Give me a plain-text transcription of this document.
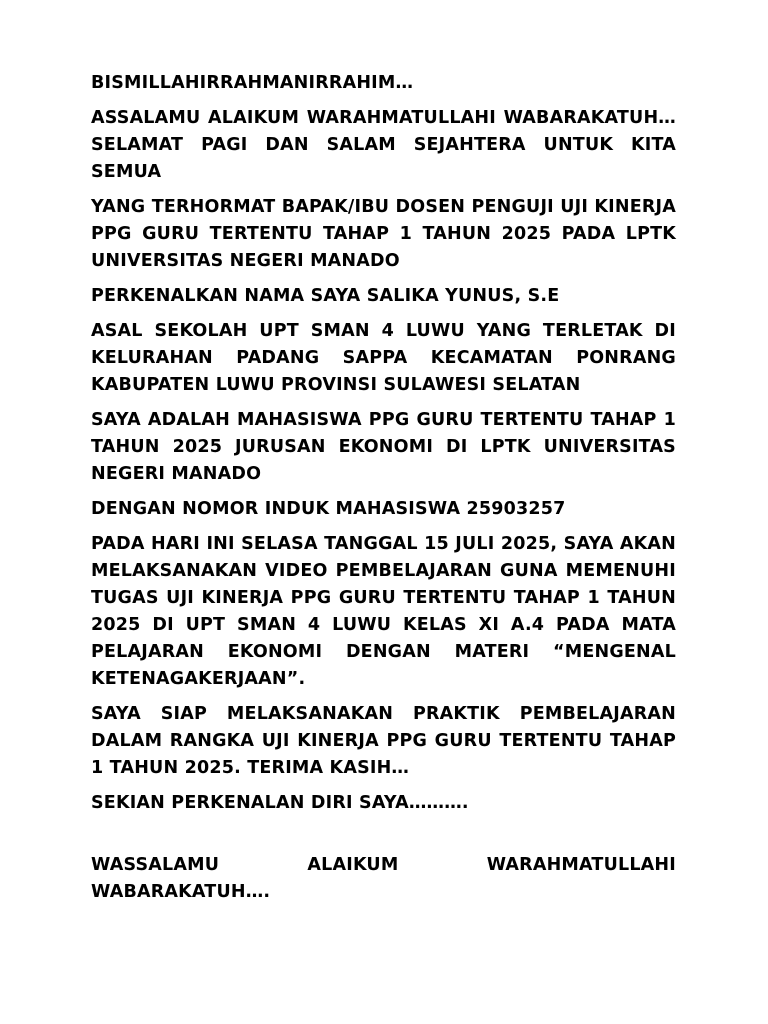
BISMILLAHIRRAHMANIRRAHIM…

ASSALAMU ALAIKUM WARAHMATULLAHI WABARAKATUH…SELAMAT PAGI DAN SALAM SEJAHTERA UNTUK KITA SEMUA

YANG TERHORMAT BAPAK/IBU DOSEN PENGUJI UJI KINERJA PPG GURU TERTENTU TAHAP 1 TAHUN 2025 PADA LPTK UNIVERSITAS NEGERI MANADO

PERKENALKAN NAMA SAYA SALIKA YUNUS, S.E

ASAL SEKOLAH UPT SMAN 4 LUWU YANG TERLETAK DI KELURAHAN PADANG SAPPA KECAMATAN PONRANG KABUPATEN LUWU PROVINSI SULAWESI SELATAN

SAYA ADALAH MAHASISWA PPG GURU TERTENTU TAHAP 1 TAHUN 2025 JURUSAN EKONOMI DI LPTK UNIVERSITAS NEGERI MANADO

DENGAN NOMOR INDUK MAHASISWA 25903257

PADA HARI INI SELASA TANGGAL 15 JULI 2025, SAYA AKAN MELAKSANAKAN VIDEO PEMBELAJARAN GUNA MEMENUHI TUGAS UJI KINERJA PPG GURU TERTENTU TAHAP 1 TAHUN 2025 DI UPT SMAN 4 LUWU KELAS XI A.4 PADA MATA PELAJARAN EKONOMI DENGAN MATERI “MENGENAL KETENAGAKERJAAN”.

SAYA SIAP MELAKSANAKAN PRAKTIK PEMBELAJARAN DALAM RANGKA UJI KINERJA PPG GURU TERTENTU TAHAP 1 TAHUN 2025. TERIMA KASIH…

SEKIAN PERKENALAN DIRI SAYA……….

WASSALAMU ALAIKUM WARAHMATULLAHI WABARAKATUH….
